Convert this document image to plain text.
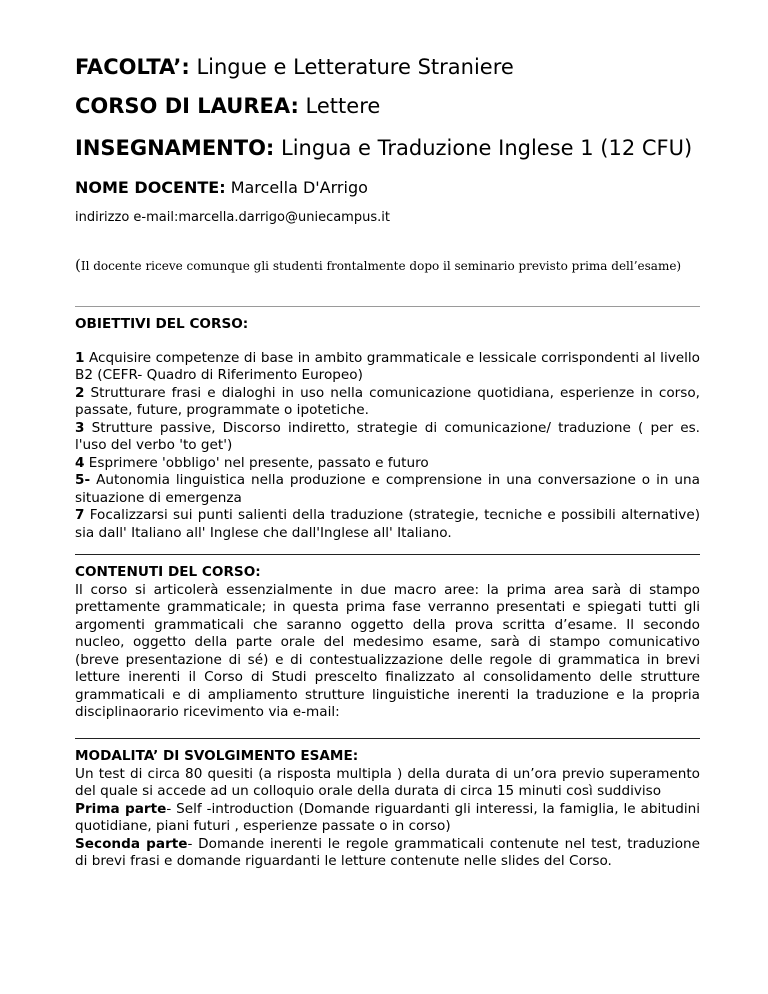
FACOLTA’: Lingue e Letterature Straniere
CORSO DI LAUREA: Lettere
INSEGNAMENTO: Lingua e Traduzione Inglese 1 (12 CFU)
NOME DOCENTE: Marcella D'Arrigo
indirizzo e-mail:marcella.darrigo@uniecampus.it
(Il docente riceve comunque gli studenti frontalmente dopo il seminario previsto prima dell’esame)
OBIETTIVI DEL CORSO:

1 Acquisire competenze di base in ambito grammaticale e lessicale corrispondenti al livello B2 (CEFR- Quadro di Riferimento Europeo)

2 Strutturare frasi e dialoghi in uso nella comunicazione quotidiana, esperienze in corso, passate, future, programmate o ipotetiche.

3 Strutture passive, Discorso indiretto, strategie di comunicazione/ traduzione ( per es. l'uso del verbo 'to get')

4 Esprimere 'obbligo' nel presente, passato e futuro

5- Autonomia linguistica nella produzione e comprensione in una conversazione o in una situazione di emergenza

7 Focalizzarsi sui punti salienti della traduzione (strategie, tecniche e possibili alternative) sia dall' Italiano all' Inglese che dall'Inglese all' Italiano.

CONTENUTI DEL CORSO:

Il corso si articolerà essenzialmente in due macro aree: la prima area sarà di stampo prettamente grammaticale; in questa prima fase verranno presentati e spiegati tutti gli argomenti grammaticali che saranno oggetto della prova scritta d’esame. Il secondo nucleo, oggetto della parte orale del medesimo esame, sarà di stampo comunicativo (breve presentazione di sé) e di contestualizzazione delle regole di grammatica in brevi letture inerenti il Corso di Studi prescelto finalizzato al consolidamento delle strutture grammaticali e di ampliamento strutture linguistiche inerenti la traduzione e la propria disciplinaorario ricevimento via e-mail:

MODALITA’ DI SVOLGIMENTO ESAME:

Un test di circa 80 quesiti (a risposta multipla ) della durata di un’ora previo superamento del quale si accede ad un colloquio orale della durata di circa 15 minuti così suddiviso

Prima parte- Self -introduction (Domande riguardanti gli interessi, la famiglia, le abitudini quotidiane, piani futuri , esperienze passate o in corso)

Seconda parte- Domande inerenti le regole grammaticali contenute nel test, traduzione di brevi frasi e domande riguardanti le letture contenute nelle slides del Corso.
